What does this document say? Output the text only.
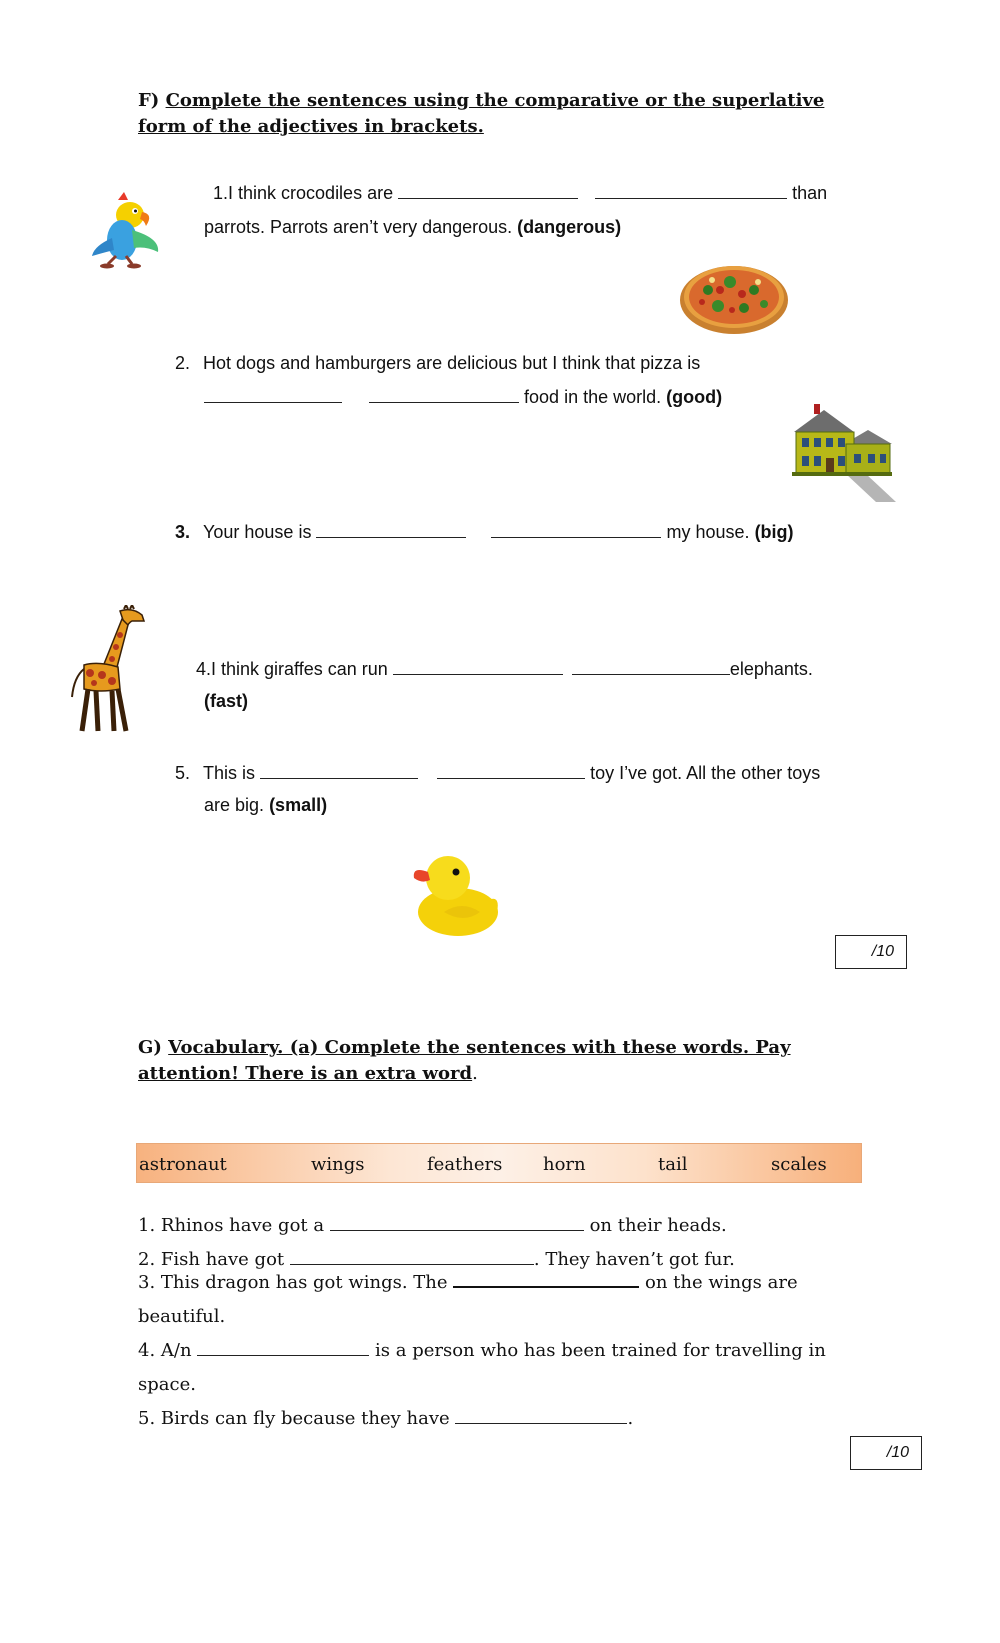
F) Complete the sentences using the comparative or the superlative
form of the adjectives in brackets.
1.I think crocodiles are	than
parrots. Parrots aren’t very dangerous. (dangerous)
2. Hot dogs and hamburgers are delicious but I think that pizza is
food in the world. (good)
3. Your house is	my house. (big)
4.I think giraffes can run	elephants.
(fast)
5. This is	toy I’ve got. All the other toys
are big. (small)
/10
G) Vocabulary. (a) Complete the sentences with these words. Pay
attention! There is an extra word.
astronaut	wings	feathers horn	tail	scales
1. Rhinos have got a	on their heads.
2. Fish have got	. They haven’t got fur.
3. This dragon has got wings. The	on the wings are
beautiful.
4. A/n	is a person who has been trained for travelling in
space.
5. Birds can fly because they have	.
/10
